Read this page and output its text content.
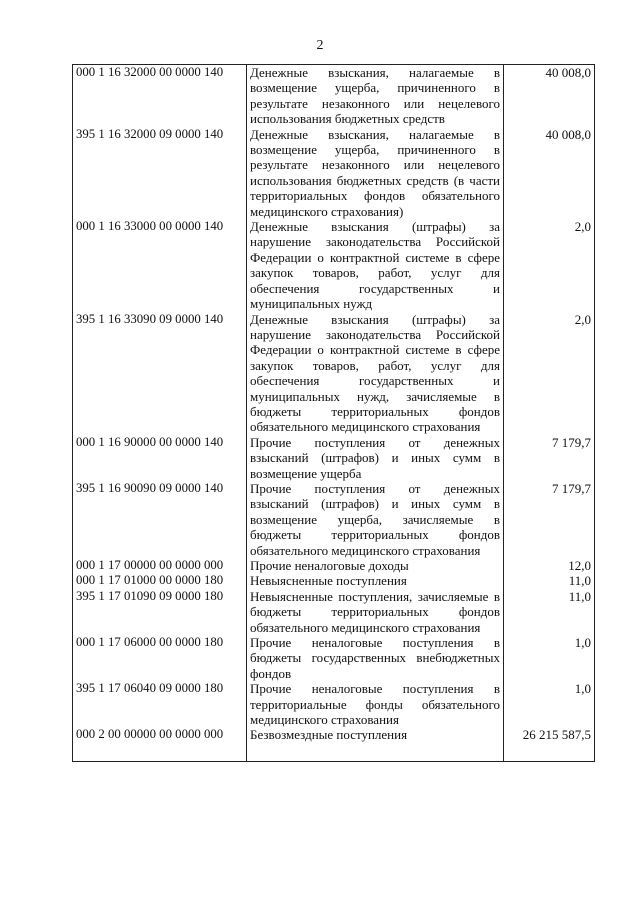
2
000 1 16 32000 00 0000 140	Денежные взыскания, налагаемые в возмещение ущерба, причиненного в результате незаконного или нецелевого использования бюджетных средств	40 008,0
395 1 16 32000 09 0000 140	Денежные взыскания, налагаемые в возмещение ущерба, причиненного в результате незаконного или нецелевого использования бюджетных средств (в части территориальных фондов обязательного медицинского страхования)	40 008,0
000 1 16 33000 00 0000 140	Денежные взыскания (штрафы) за нарушение законодательства Российской Федерации о контрактной системе в сфере закупок товаров, работ, услуг для обеспечения государственных и муниципальных нужд	2,0
395 1 16 33090 09 0000 140	Денежные взыскания (штрафы) за нарушение законодательства Российской Федерации о контрактной системе в сфере закупок товаров, работ, услуг для обеспечения государственных и муниципальных нужд, зачисляемые в бюджеты территориальных фондов обязательного медицинского страхования	2,0
000 1 16 90000 00 0000 140	Прочие поступления от денежных взысканий (штрафов) и иных сумм в возмещение ущерба	7 179,7
395 1 16 90090 09 0000 140	Прочие поступления от денежных взысканий (штрафов) и иных сумм в возмещение ущерба, зачисляемые в бюджеты территориальных фондов обязательного медицинского страхования	7 179,7
000 1 17 00000 00 0000 000	Прочие неналоговые доходы	12,0
000 1 17 01000 00 0000 180	Невыясненные поступления	11,0
395 1 17 01090 09 0000 180	Невыясненные поступления, зачисляемые в бюджеты территориальных фондов обязательного медицинского страхования	11,0
000 1 17 06000 00 0000 180	Прочие неналоговые поступления в бюджеты государственных внебюджетных фондов	1,0
395 1 17 06040 09 0000 180	Прочие неналоговые поступления в территориальные фонды обязательного медицинского страхования	1,0
000 2 00 00000 00 0000 000	Безвозмездные поступления	26 215 587,5
